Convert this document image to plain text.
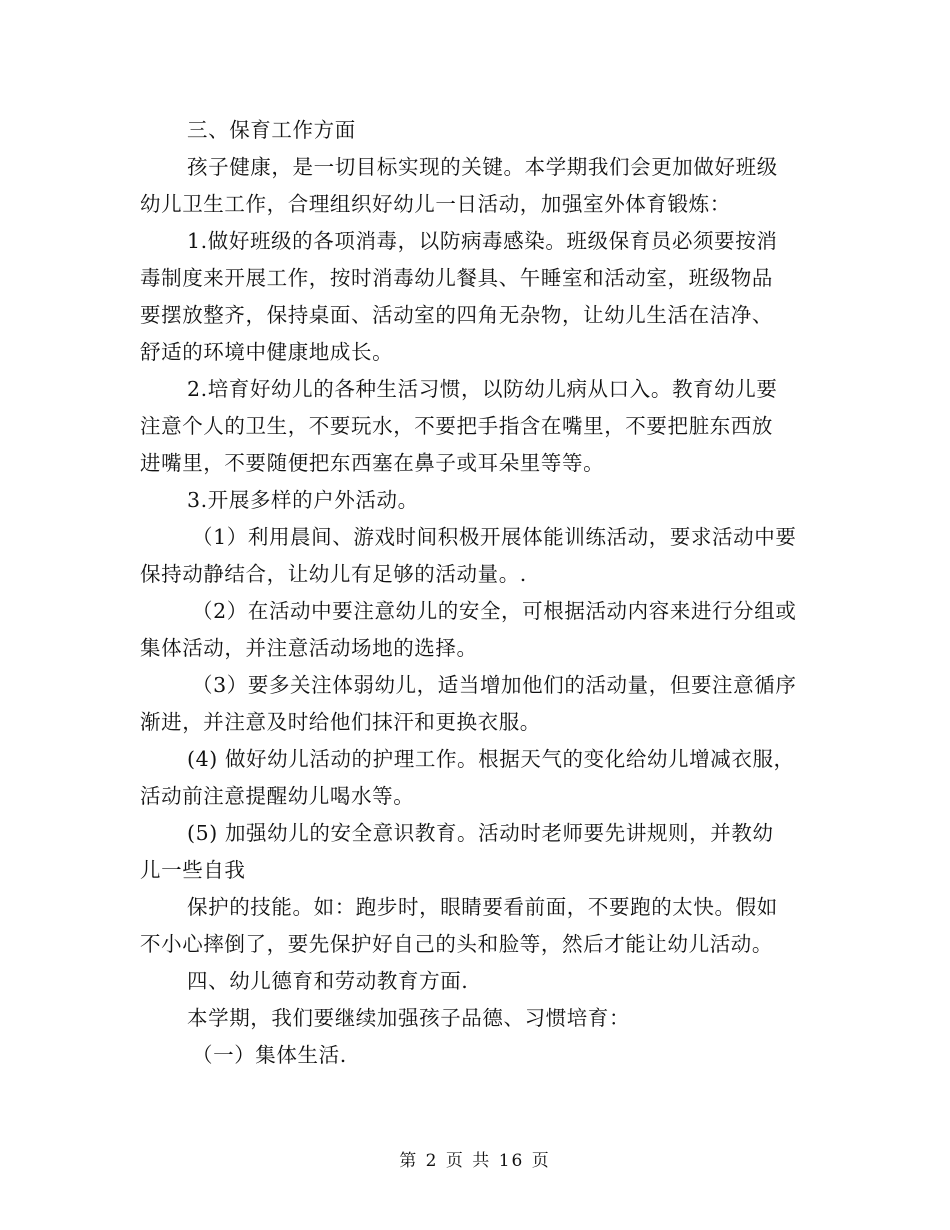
三、保育工作方面
孩子健康，是一切目标实现的关键。本学期我们会更加做好班级
幼儿卫生工作，合理组织好幼儿一日活动，加强室外体育锻炼：
1.做好班级的各项消毒，以防病毒感染。班级保育员必须要按消
毒制度来开展工作，按时消毒幼儿餐具、午睡室和活动室，班级物品
要摆放整齐，保持桌面、活动室的四角无杂物，让幼儿生活在洁净、
舒适的环境中健康地成长。
2.培育好幼儿的各种生活习惯，以防幼儿病从口入。教育幼儿要
注意个人的卫生，不要玩水，不要把手指含在嘴里，不要把脏东西放
进嘴里，不要随便把东西塞在鼻子或耳朵里等等。
3.开展多样的户外活动。
（1）利用晨间、游戏时间积极开展体能训练活动，要求活动中要
保持动静结合，让幼儿有足够的活动量。.
（2）在活动中要注意幼儿的安全，可根据活动内容来进行分组或
集体活动，并注意活动场地的选择。
（3）要多关注体弱幼儿，适当增加他们的活动量，但要注意循序
渐进，并注意及时给他们抹汗和更换衣服。
(4) 做好幼儿活动的护理工作。根据天气的变化给幼儿增减衣服，
活动前注意提醒幼儿喝水等。
(5) 加强幼儿的安全意识教育。活动时老师要先讲规则，并教幼
儿一些自我
保护的技能。如：跑步时，眼睛要看前面，不要跑的太快。假如
不小心摔倒了，要先保护好自己的头和脸等，然后才能让幼儿活动。
四、幼儿德育和劳动教育方面.
本学期，我们要继续加强孩子品德、习惯培育：
（一）集体生活.
第 2 页 共 16 页
